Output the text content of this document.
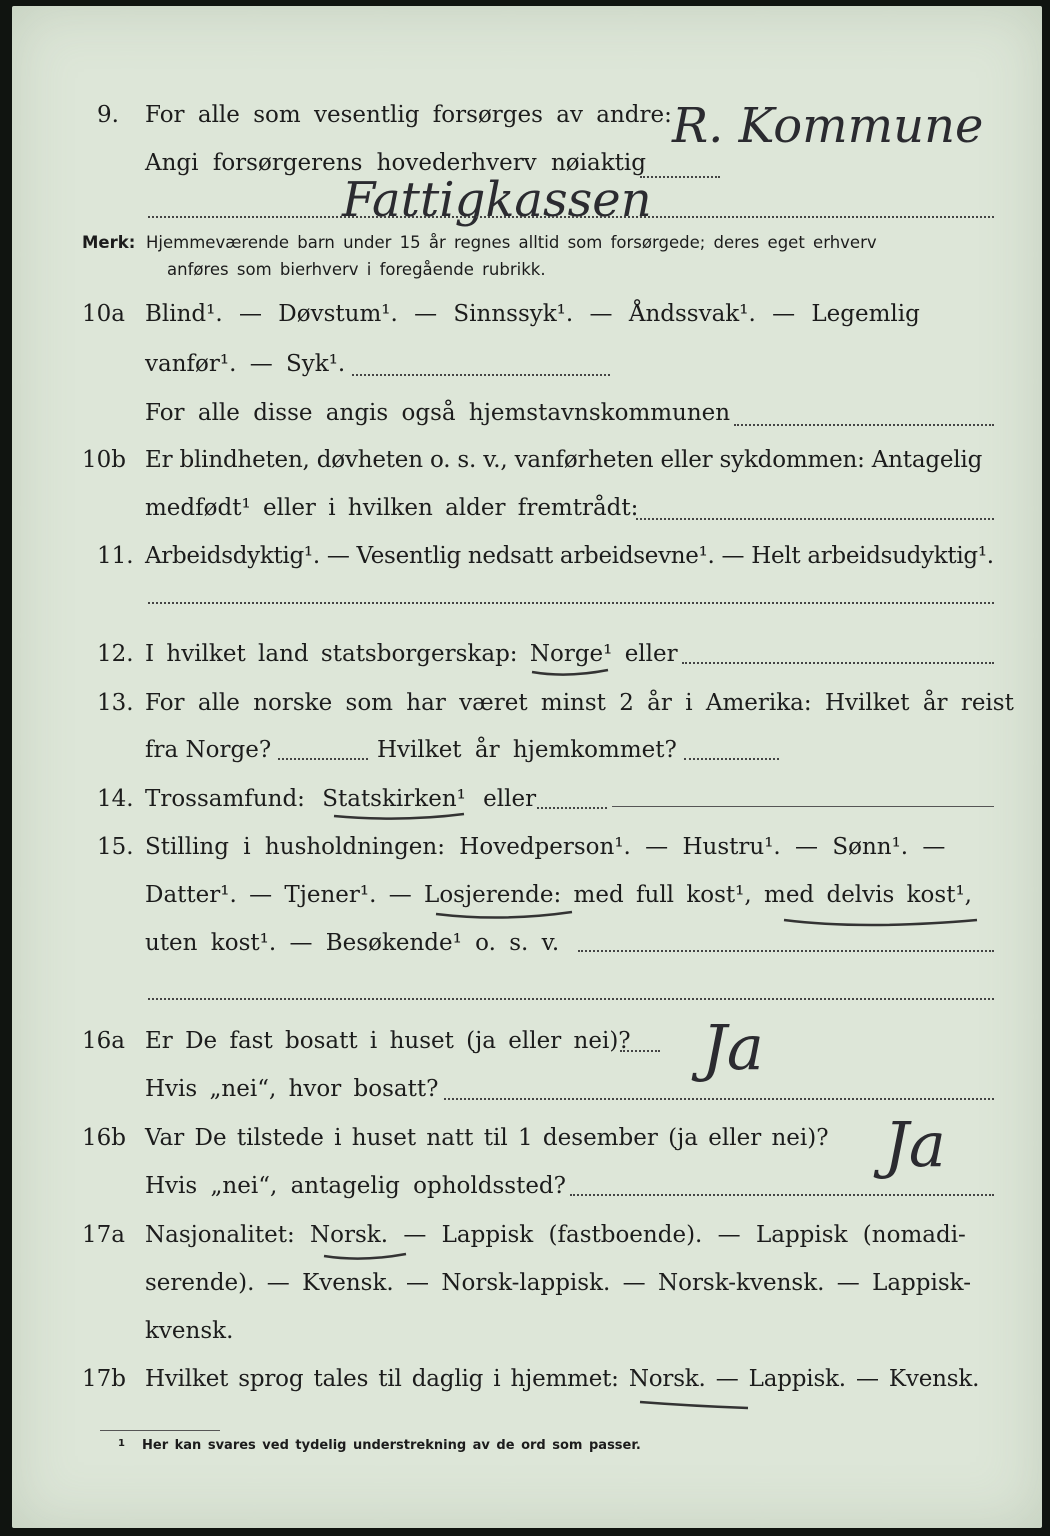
9. For alle som vesentlig forsørges av andre:
Angi forsørgerens hovederhverv nøiaktig
R. Kommune
Fattigkassen
Merk: Hjemmeværende barn under 15 år regnes alltid som forsørgede; deres eget erhverv
anføres som bierhverv i foregående rubrikk.
10a Blind¹. — Døvstum¹. — Sinnssyk¹. — Åndssvak¹. — Legemlig
vanfør¹. — Syk¹.
For alle disse angis også hjemstavnskommunen
10b Er blindheten, døvheten o. s. v., vanførheten eller sykdommen: Antagelig
medfødt¹ eller i hvilken alder fremtrådt:
11. Arbeidsdyktig¹. — Vesentlig nedsatt arbeidsevne¹. — Helt arbeidsudyktig¹.
12. I hvilket land statsborgerskap: Norge¹ eller
13. For alle norske som har været minst 2 år i Amerika: Hvilket år reist
fra Norge?	Hvilket år hjemkommet?
14. Trossamfund: Statskirken¹ eller
15. Stilling i husholdningen: Hovedperson¹. — Hustru¹. — Sønn¹. —
Datter¹. — Tjener¹. — Losjerende: med full kost¹, med delvis kost¹,
uten kost¹. — Besøkende¹ o. s. v.
16a Er De fast bosatt i huset (ja eller nei)? Ja
Hvis „nei“, hvor bosatt?
16b Var De tilstede i huset natt til 1 desember (ja eller nei)? Ja
Hvis „nei“, antagelig opholdssted?
17a Nasjonalitet: Norsk. — Lappisk (fastboende). — Lappisk (nomadi-
serende). — Kvensk. — Norsk-lappisk. — Norsk-kvensk. — Lappisk-
kvensk.
17b Hvilket sprog tales til daglig i hjemmet: Norsk. — Lappisk. — Kvensk.
1 Her kan svares ved tydelig understrekning av de ord som passer.
